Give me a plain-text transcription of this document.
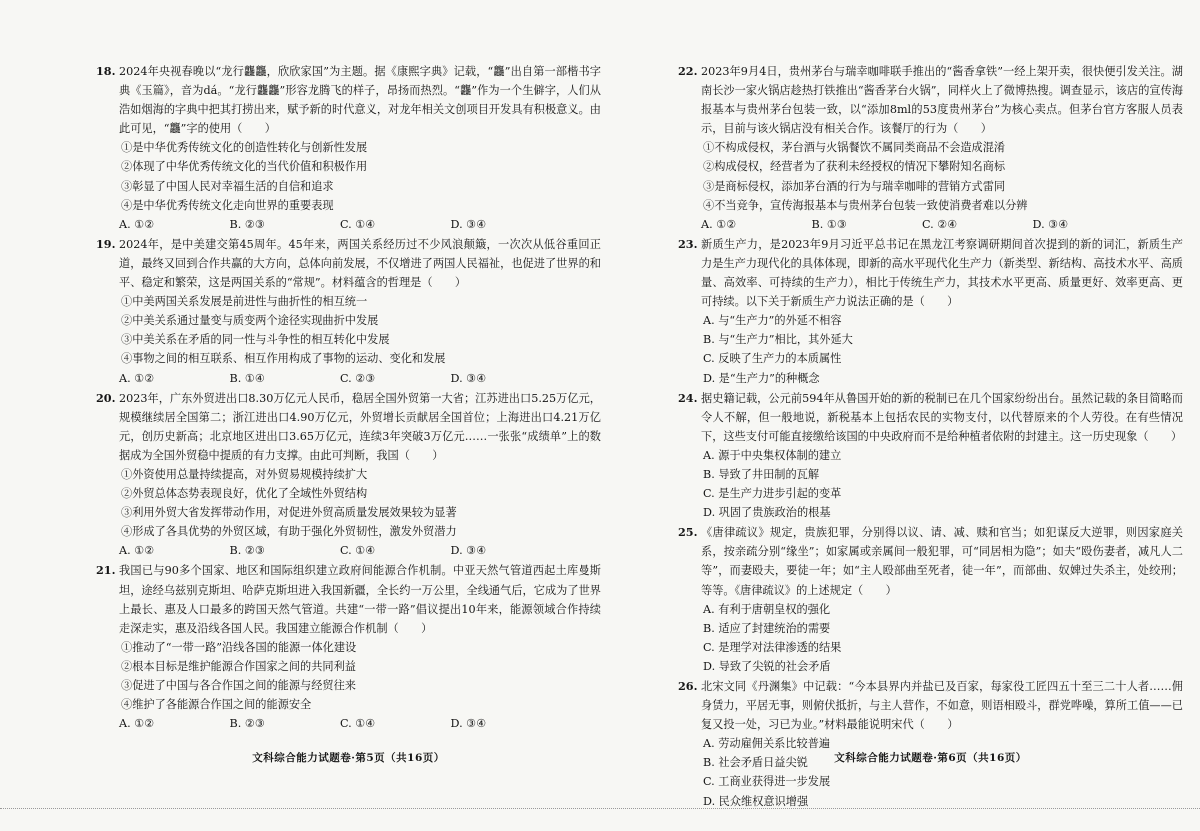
18. 2024年央视春晚以“龙行龘龘，欣欣家国”为主题。据《康熙字典》记载，“龘”出自第一部楷书字典《玉篇》，音为dá。“龙行龘龘”形容龙腾飞的样子，昂扬而热烈。“龘”作为一个生僻字，人们从浩如烟海的字典中把其打捞出来，赋予新的时代意义，对龙年相关文创项目开发具有积极意义。由此可见，“龘”字的使用（　　）
①是中华优秀传统文化的创造性转化与创新性发展
②体现了中华优秀传统文化的当代价值和积极作用
③彰显了中国人民对幸福生活的自信和追求
④是中华优秀传统文化走向世界的重要表现
A. ①②	B. ②③	C. ①④	D. ③④
19. 2024年，是中美建交第45周年。45年来，两国关系经历过不少风浪颠簸，一次次从低谷重回正道，最终又回到合作共赢的大方向，总体向前发展，不仅增进了两国人民福祉，也促进了世界的和平、稳定和繁荣，这是两国关系的“常规”。材料蕴含的哲理是（　　）
①中美两国关系发展是前进性与曲折性的相互统一
②中美关系通过量变与质变两个途径实现曲折中发展
③中美关系在矛盾的同一性与斗争性的相互转化中发展
④事物之间的相互联系、相互作用构成了事物的运动、变化和发展
A. ①②	B. ①④	C. ②③	D. ③④
20. 2023年，广东外贸进出口8.30万亿元人民币，稳居全国外贸第一大省；江苏进出口5.25万亿元，规模继续居全国第二；浙江进出口4.90万亿元，外贸增长贡献居全国首位；上海进出口4.21万亿元，创历史新高；北京地区进出口3.65万亿元，连续3年突破3万亿元……一张张“成绩单”上的数据成为全国外贸稳中提质的有力支撑。由此可判断，我国（　　）
①外资使用总量持续提高，对外贸易规模持续扩大
②外贸总体态势表现良好，优化了全域性外贸结构
③利用外贸大省发挥带动作用，对促进外贸高质量发展效果较为显著
④形成了各具优势的外贸区域，有助于强化外贸韧性，激发外贸潜力
A. ①②	B. ②③	C. ①④	D. ③④
21. 我国已与90多个国家、地区和国际组织建立政府间能源合作机制。中亚天然气管道西起土库曼斯坦，途经乌兹别克斯坦、哈萨克斯坦进入我国新疆，全长约一万公里，全线通气后，它成为了世界上最长、惠及人口最多的跨国天然气管道。共建“一带一路”倡议提出10年来，能源领域合作持续走深走实，惠及沿线各国人民。我国建立能源合作机制（　　）
①推动了“一带一路”沿线各国的能源一体化建设
②根本目标是维护能源合作国家之间的共同利益
③促进了中国与各合作国之间的能源与经贸往来
④维护了各能源合作国之间的能源安全
A. ①②	B. ②③	C. ①④	D. ③④
22. 2023年9月4日，贵州茅台与瑞幸咖啡联手推出的“酱香拿铁”一经上架开卖，很快便引发关注。湖南长沙一家火锅店趁热打铁推出“酱香茅台火锅”，同样火上了微博热搜。调查显示，该店的宣传海报基本与贵州茅台包装一致，以“添加8ml的53度贵州茅台”为核心卖点。但茅台官方客服人员表示，目前与该火锅店没有相关合作。该餐厅的行为（　　）
①不构成侵权，茅台酒与火锅餐饮不属同类商品不会造成混淆
②构成侵权，经营者为了获利未经授权的情况下攀附知名商标
③是商标侵权，添加茅台酒的行为与瑞幸咖啡的营销方式雷同
④不当竞争，宣传海报基本与贵州茅台包装一致使消费者难以分辨
A. ①②	B. ①③	C. ②④	D. ③④
23. 新质生产力，是2023年9月习近平总书记在黑龙江考察调研期间首次提到的新的词汇，新质生产力是生产力现代化的具体体现，即新的高水平现代化生产力（新类型、新结构、高技术水平、高质量、高效率、可持续的生产力），相比于传统生产力，其技术水平更高、质量更好、效率更高、更可持续。以下关于新质生产力说法正确的是（　　）
A. 与“生产力”的外延不相容
B. 与“生产力”相比，其外延大
C. 反映了生产力的本质属性
D. 是“生产力”的种概念
24. 据史籍记载，公元前594年从鲁国开始的新的税制已在几个国家纷纷出台。虽然记载的条目简略而令人不解，但一般地说，新税基本上包括农民的实物支付，以代替原来的个人劳役。在有些情况下，这些支付可能直接缴给该国的中央政府而不是给种植者依附的封建主。这一历史现象（　　）
A. 源于中央集权体制的建立
B. 导致了井田制的瓦解
C. 是生产力进步引起的变革
D. 巩固了贵族政治的根基
25. 《唐律疏议》规定，贵族犯罪，分别得以议、请、减、赎和官当；如犯谋反大逆罪，则因家庭关系，按亲疏分别“缘坐”；如家属或亲属间一般犯罪，可“同居相为隐”；如夫“殴伤妻者，减凡人二等”，而妻殴夫，要徒一年；如“主人殴部曲至死者，徒一年”，而部曲、奴婢过失杀主，处绞刑；等等。《唐律疏议》的上述规定（　　）
A. 有利于唐朝皇权的强化
B. 适应了封建统治的需要
C. 是理学对法律渗透的结果
D. 导致了尖锐的社会矛盾
26. 北宋文同《丹渊集》中记载：“今本县界内并盐已及百家，每家役工匠四五十至三二十人者……佣身赁力，平居无事，则俯伏抵折，与主人营作，不如意，则语相殴斗，群党哗噪，算所工值——已复又投一处，习已为业。”材料最能说明宋代（　　）
A. 劳动雇佣关系比较普遍
B. 社会矛盾日益尖锐
C. 工商业获得进一步发展
D. 民众维权意识增强
文科综合能力试题卷·第5页（共16页）	文科综合能力试题卷·第6页（共16页）
